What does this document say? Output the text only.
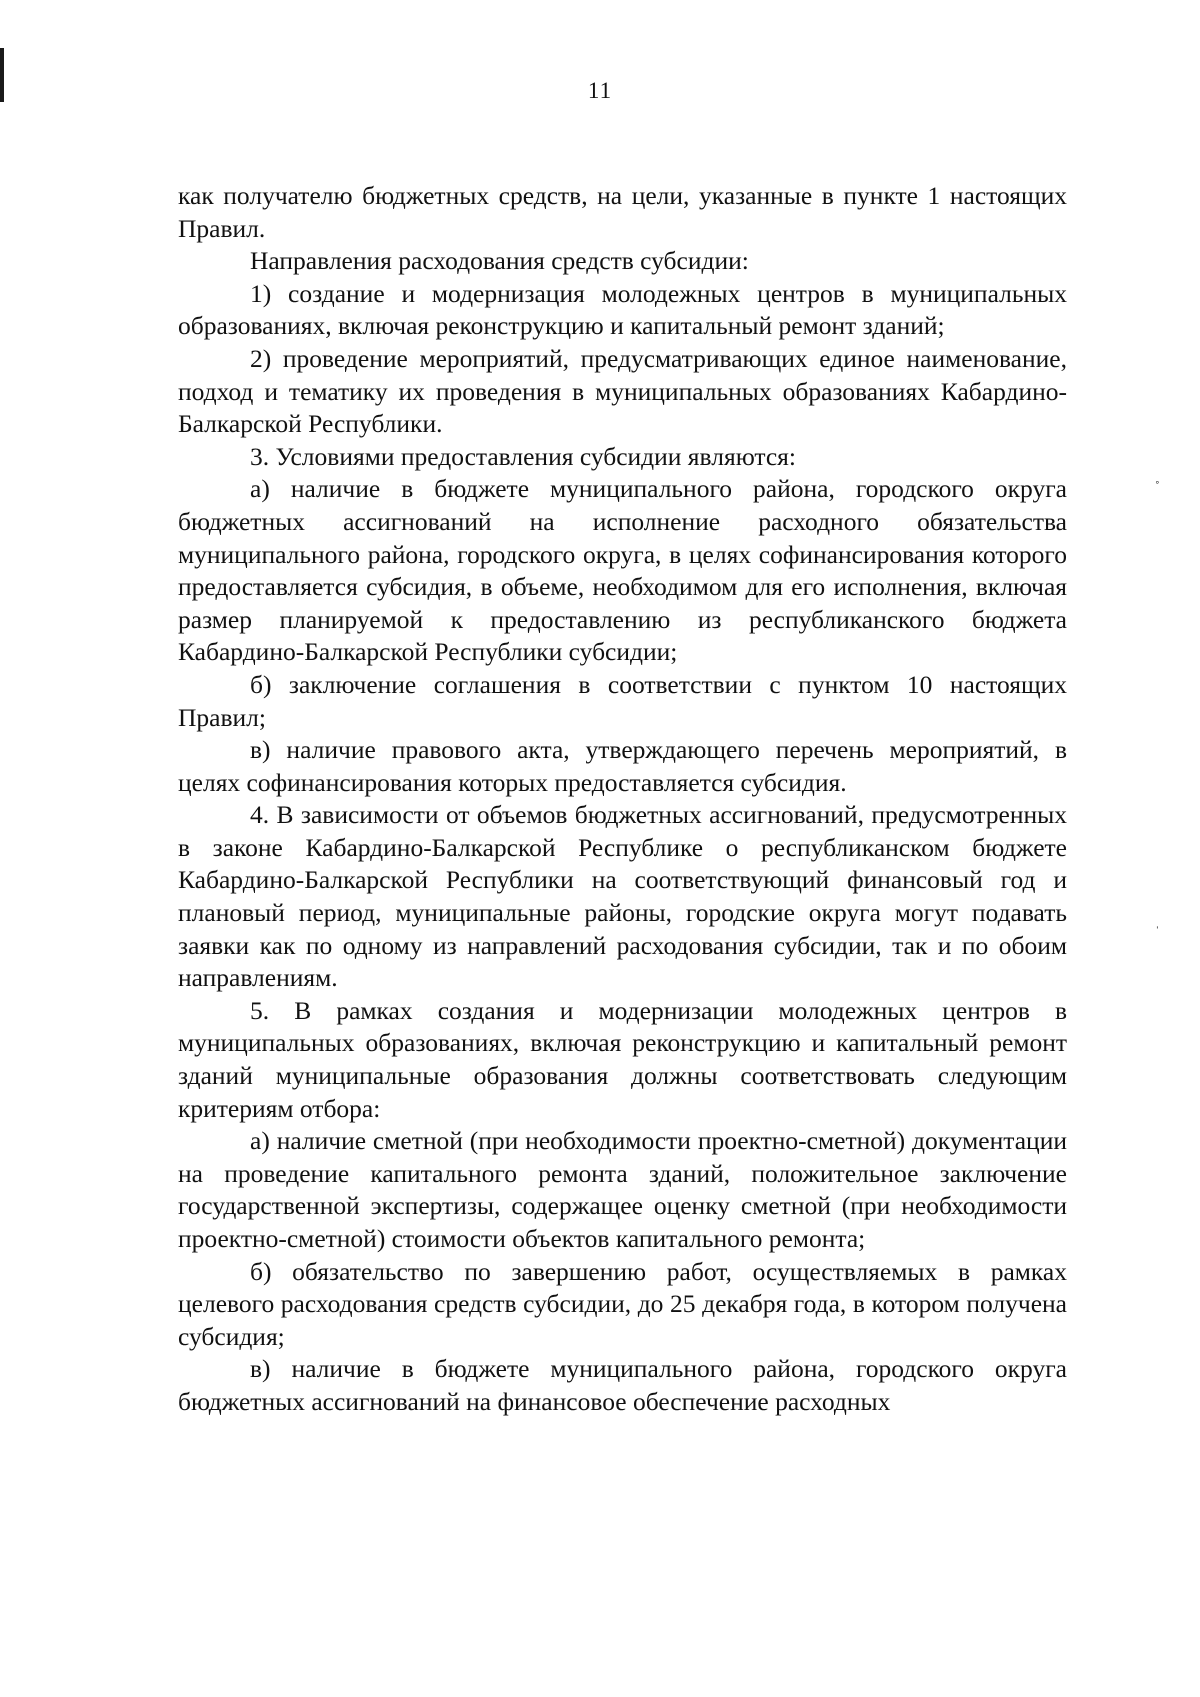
11

как получателю бюджетных средств, на цели, указанные в пункте 1 настоящих Правил.

Направления расходования средств субсидии:

1) создание и модернизация молодежных центров в муниципальных образованиях, включая реконструкцию и капитальный ремонт зданий;

2) проведение мероприятий, предусматривающих единое наименование, подход и тематику их проведения в муниципальных образованиях Кабардино-Балкарской Республики.

3. Условиями предоставления субсидии являются:

а) наличие в бюджете муниципального района, городского округа бюджетных ассигнований на исполнение расходного обязательства муниципального района, городского округа, в целях софинансирования которого предоставляется субсидия, в объеме, необходимом для его исполнения, включая размер планируемой к предоставлению из республиканского бюджета Кабардино-Балкарской Республики субсидии;

б) заключение соглашения в соответствии с пунктом 10 настоящих Правил;

в) наличие правового акта, утверждающего перечень мероприятий, в целях софинансирования которых предоставляется субсидия.

4. В зависимости от объемов бюджетных ассигнований, предусмотренных в законе Кабардино-Балкарской Республике о республиканском бюджете Кабардино-Балкарской Республики на соответствующий финансовый год и плановый период, муниципальные районы, городские округа могут подавать заявки как по одному из направлений расходования субсидии, так и по обоим направлениям.

5. В рамках создания и модернизации молодежных центров в муниципальных образованиях, включая реконструкцию и капитальный ремонт зданий муниципальные образования должны соответствовать следующим критериям отбора:

а) наличие сметной (при необходимости проектно-сметной) документации на проведение капитального ремонта зданий, положительное заключение государственной экспертизы, содержащее оценку сметной (при необходимости проектно-сметной) стоимости объектов капитального ремонта;

б) обязательство по завершению работ, осуществляемых в рамках целевого расходования средств субсидии, до 25 декабря года, в котором получена субсидия;

в) наличие в бюджете муниципального района, городского округа бюджетных ассигнований на финансовое обеспечение расходных

˚
ˈ
